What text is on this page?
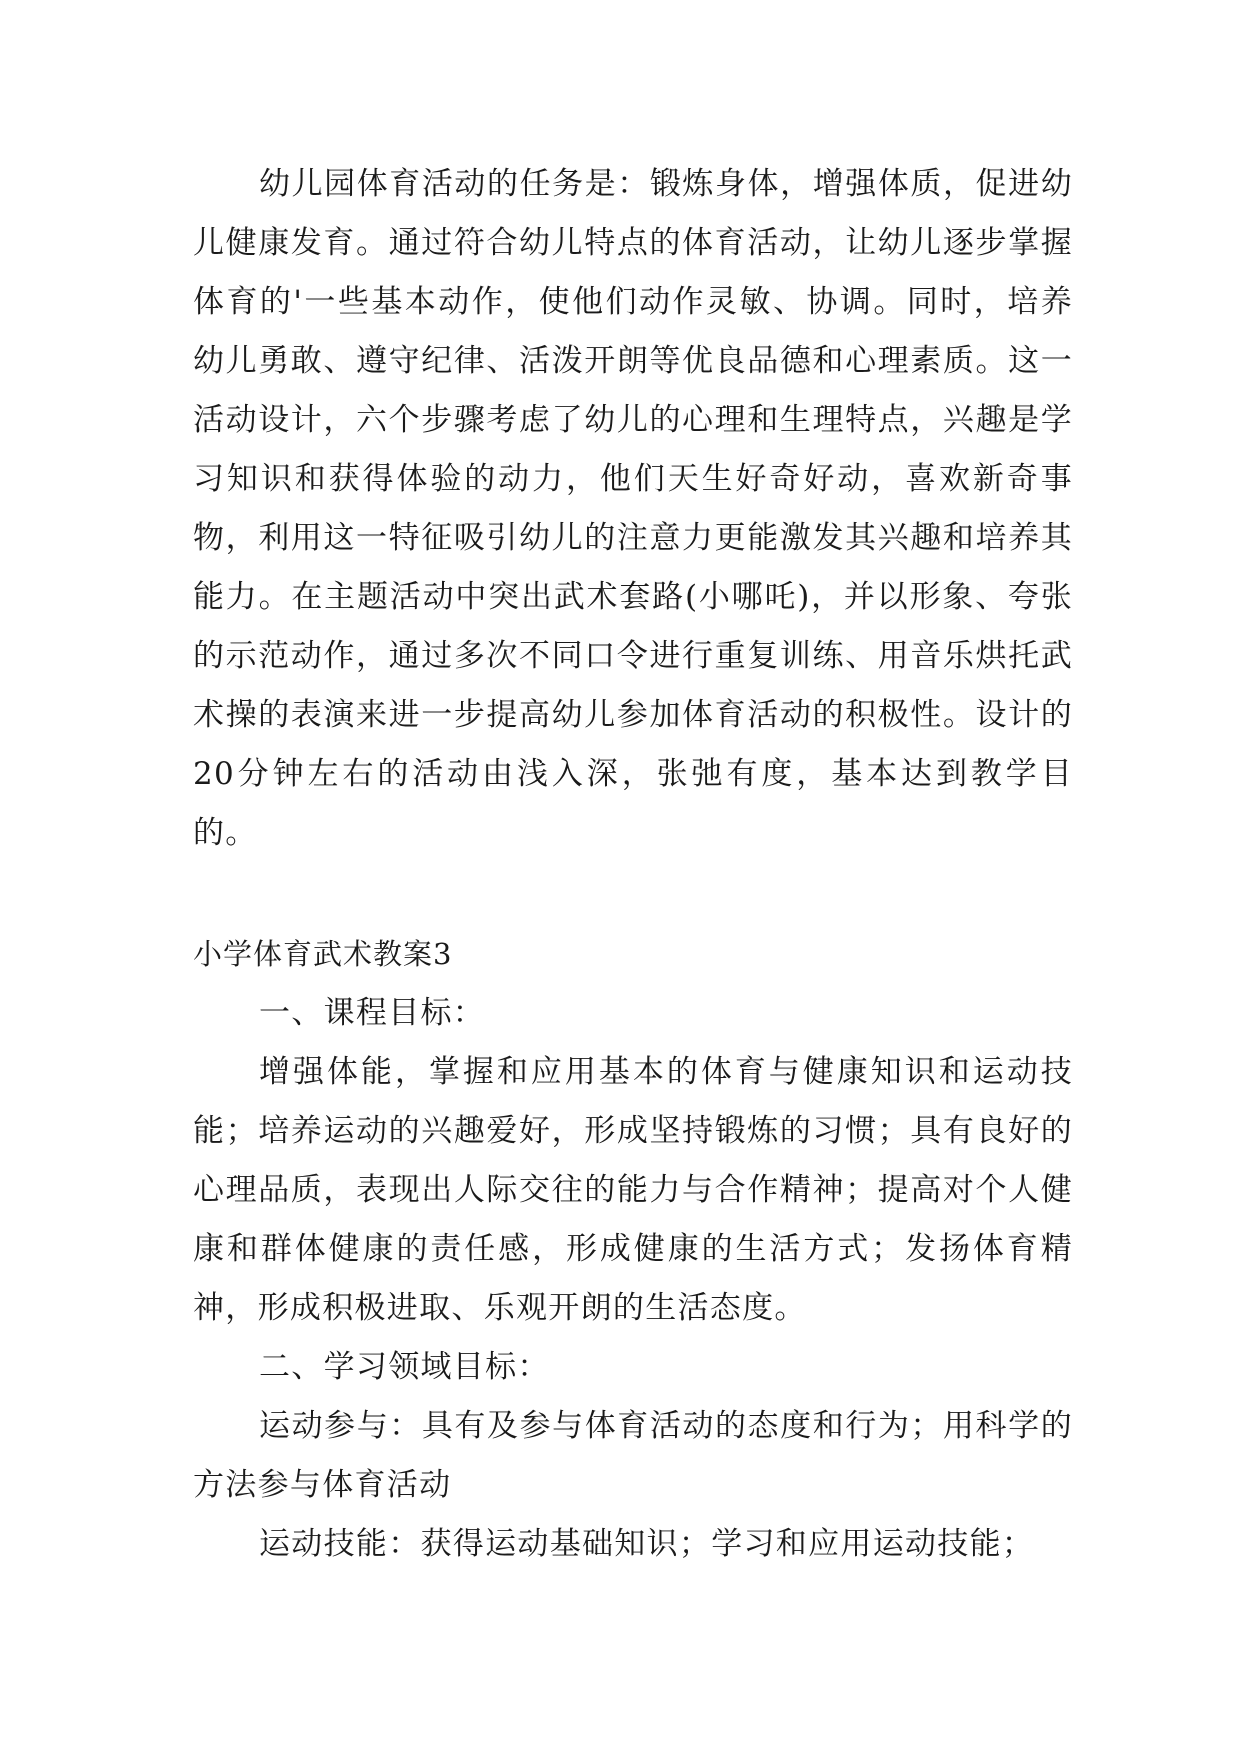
幼儿园体育活动的任务是：锻炼身体，增强体质，促进幼儿健康发育。通过符合幼儿特点的体育活动，让幼儿逐步掌握体育的'一些基本动作，使他们动作灵敏、协调。同时，培养幼儿勇敢、遵守纪律、活泼开朗等优良品德和心理素质。这一活动设计，六个步骤考虑了幼儿的心理和生理特点，兴趣是学习知识和获得体验的动力，他们天生好奇好动，喜欢新奇事物，利用这一特征吸引幼儿的注意力更能激发其兴趣和培养其能力。在主题活动中突出武术套路(小哪吒)，并以形象、夸张的示范动作，通过多次不同口令进行重复训练、用音乐烘托武术操的表演来进一步提高幼儿参加体育活动的积极性。设计的20分钟左右的活动由浅入深，张弛有度，基本达到教学目的。

小学体育武术教案3

一、课程目标：

增强体能，掌握和应用基本的体育与健康知识和运动技能；培养运动的兴趣爱好，形成坚持锻炼的习惯；具有良好的心理品质，表现出人际交往的能力与合作精神；提高对个人健康和群体健康的责任感，形成健康的生活方式；发扬体育精神，形成积极进取、乐观开朗的生活态度。

二、学习领域目标：

运动参与：具有及参与体育活动的态度和行为；用科学的方法参与体育活动

运动技能：获得运动基础知识；学习和应用运动技能；
